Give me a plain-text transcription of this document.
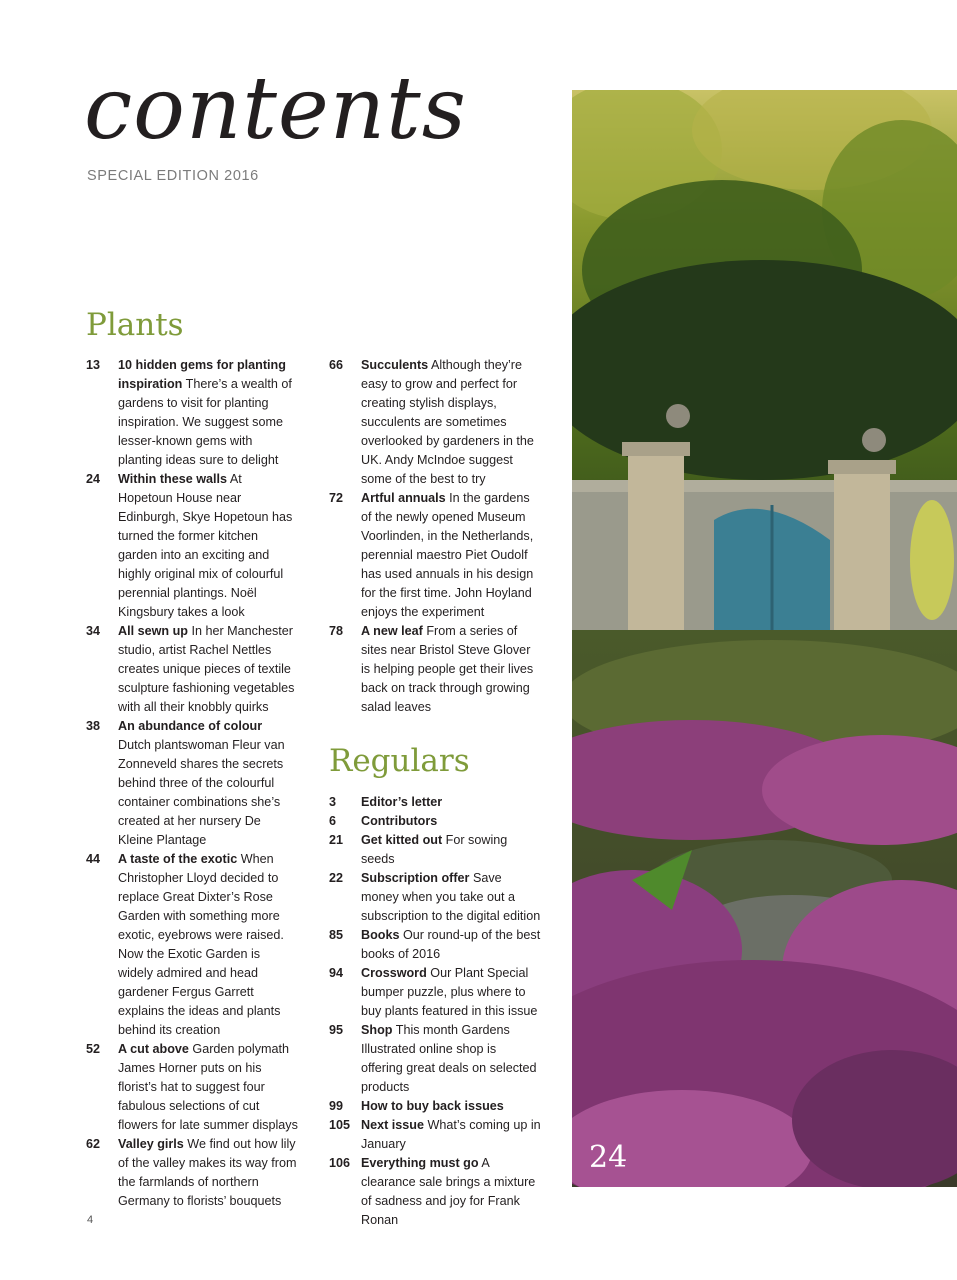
contents
SPECIAL EDITION 2016
Plants
13	10 hidden gems for planting inspiration There’s a wealth of gardens to visit for planting inspiration. We suggest some lesser-known gems with planting ideas sure to delight
24	Within these walls At Hopetoun House near Edinburgh, Skye Hopetoun has turned the former kitchen garden into an exciting and highly original mix of colourful perennial plantings. Noël Kingsbury takes a look
34	All sewn up In her Manchester studio, artist Rachel Nettles creates unique pieces of textile sculpture fashioning vegetables with all their knobbly quirks
38	An abundance of colour Dutch plantswoman Fleur van Zonneveld shares the secrets behind three of the colourful container combinations she’s created at her nursery De Kleine Plantage
44	A taste of the exotic When Christopher Lloyd decided to replace Great Dixter’s Rose Garden with something more exotic, eyebrows were raised. Now the Exotic Garden is widely admired and head gardener Fergus Garrett explains the ideas and plants behind its creation
52	A cut above Garden polymath James Horner puts on his florist’s hat to suggest four fabulous selections of cut flowers for late summer displays
62	Valley girls We find out how lily of the valley makes its way from the farmlands of northern Germany to florists’ bouquets
66	Succulents Although they’re easy to grow and perfect for creating stylish displays, succulents are sometimes overlooked by gardeners in the UK. Andy McIndoe suggest some of the best to try
72	Artful annuals In the gardens of the newly opened Museum Voorlinden, in the Netherlands, perennial maestro Piet Oudolf has used annuals in his design for the first time. John Hoyland enjoys the experiment
78	A new leaf From a series of sites near Bristol Steve Glover is helping people get their lives back on track through growing salad leaves
Regulars
3	Editor’s letter
6	Contributors
21	Get kitted out For sowing seeds
22	Subscription offer Save money when you take out a subscription to the digital edition
85	Books Our round-up of the best books of 2016
94	Crossword Our Plant Special bumper puzzle, plus where to buy plants featured in this issue
95	Shop This month Gardens Illustrated online shop is offering great deals on selected products
99	How to buy back issues
105 Next issue What’s coming up in January
106 Everything must go A clearance sale brings a mixture of sadness and joy for Frank Ronan
24
4
